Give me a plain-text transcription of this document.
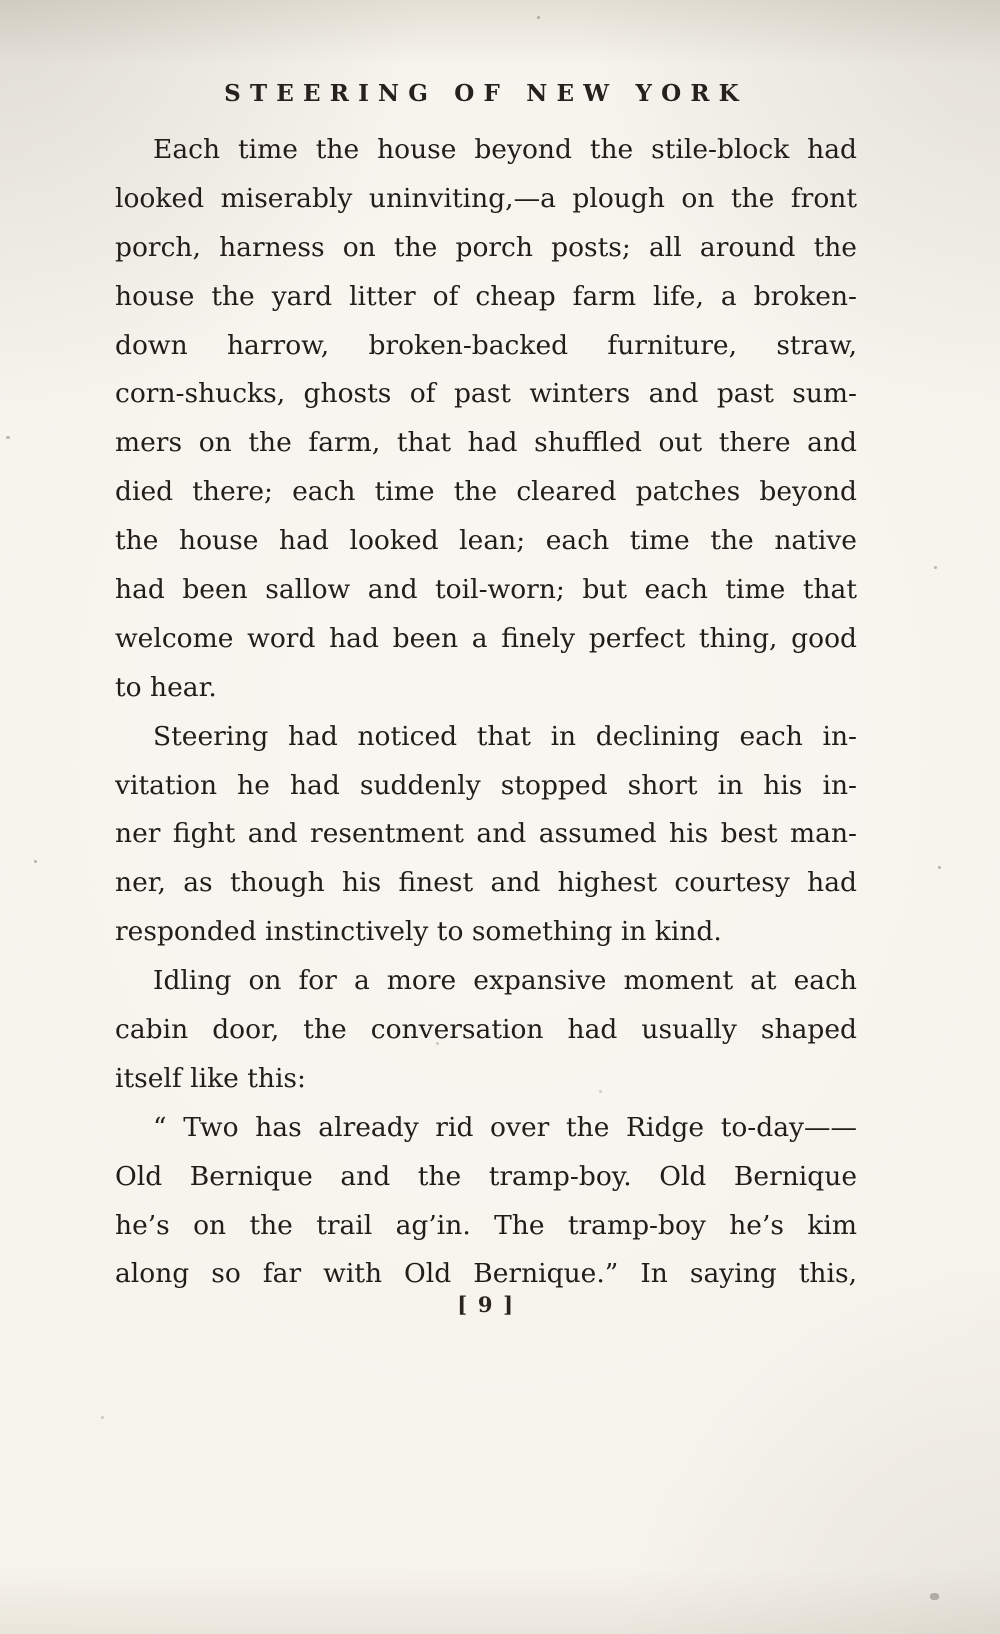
STEERING OF NEW YORK
Each time the house beyond the stile-block had
looked miserably uninviting,—a plough on the front
porch, harness on the porch posts; all around the
house the yard litter of cheap farm life, a broken-
down harrow, broken-backed furniture, straw,
corn-shucks, ghosts of past winters and past sum-
mers on the farm, that had shuffled out there and
died there; each time the cleared patches beyond
the house had looked lean; each time the native
had been sallow and toil-worn; but each time that
welcome word had been a finely perfect thing, good
to hear.
Steering had noticed that in declining each in-
vitation he had suddenly stopped short in his in-
ner fight and resentment and assumed his best man-
ner, as though his finest and highest courtesy had
responded instinctively to something in kind.
Idling on for a more expansive moment at each
cabin door, the conversation had usually shaped
itself like this:
“ Two has already rid over the Ridge to-day——
Old Bernique and the tramp-boy. Old Bernique
he’s on the trail ag’in. The tramp-boy he’s kim
along so far with Old Bernique.” In saying this,
[ 9 ]
